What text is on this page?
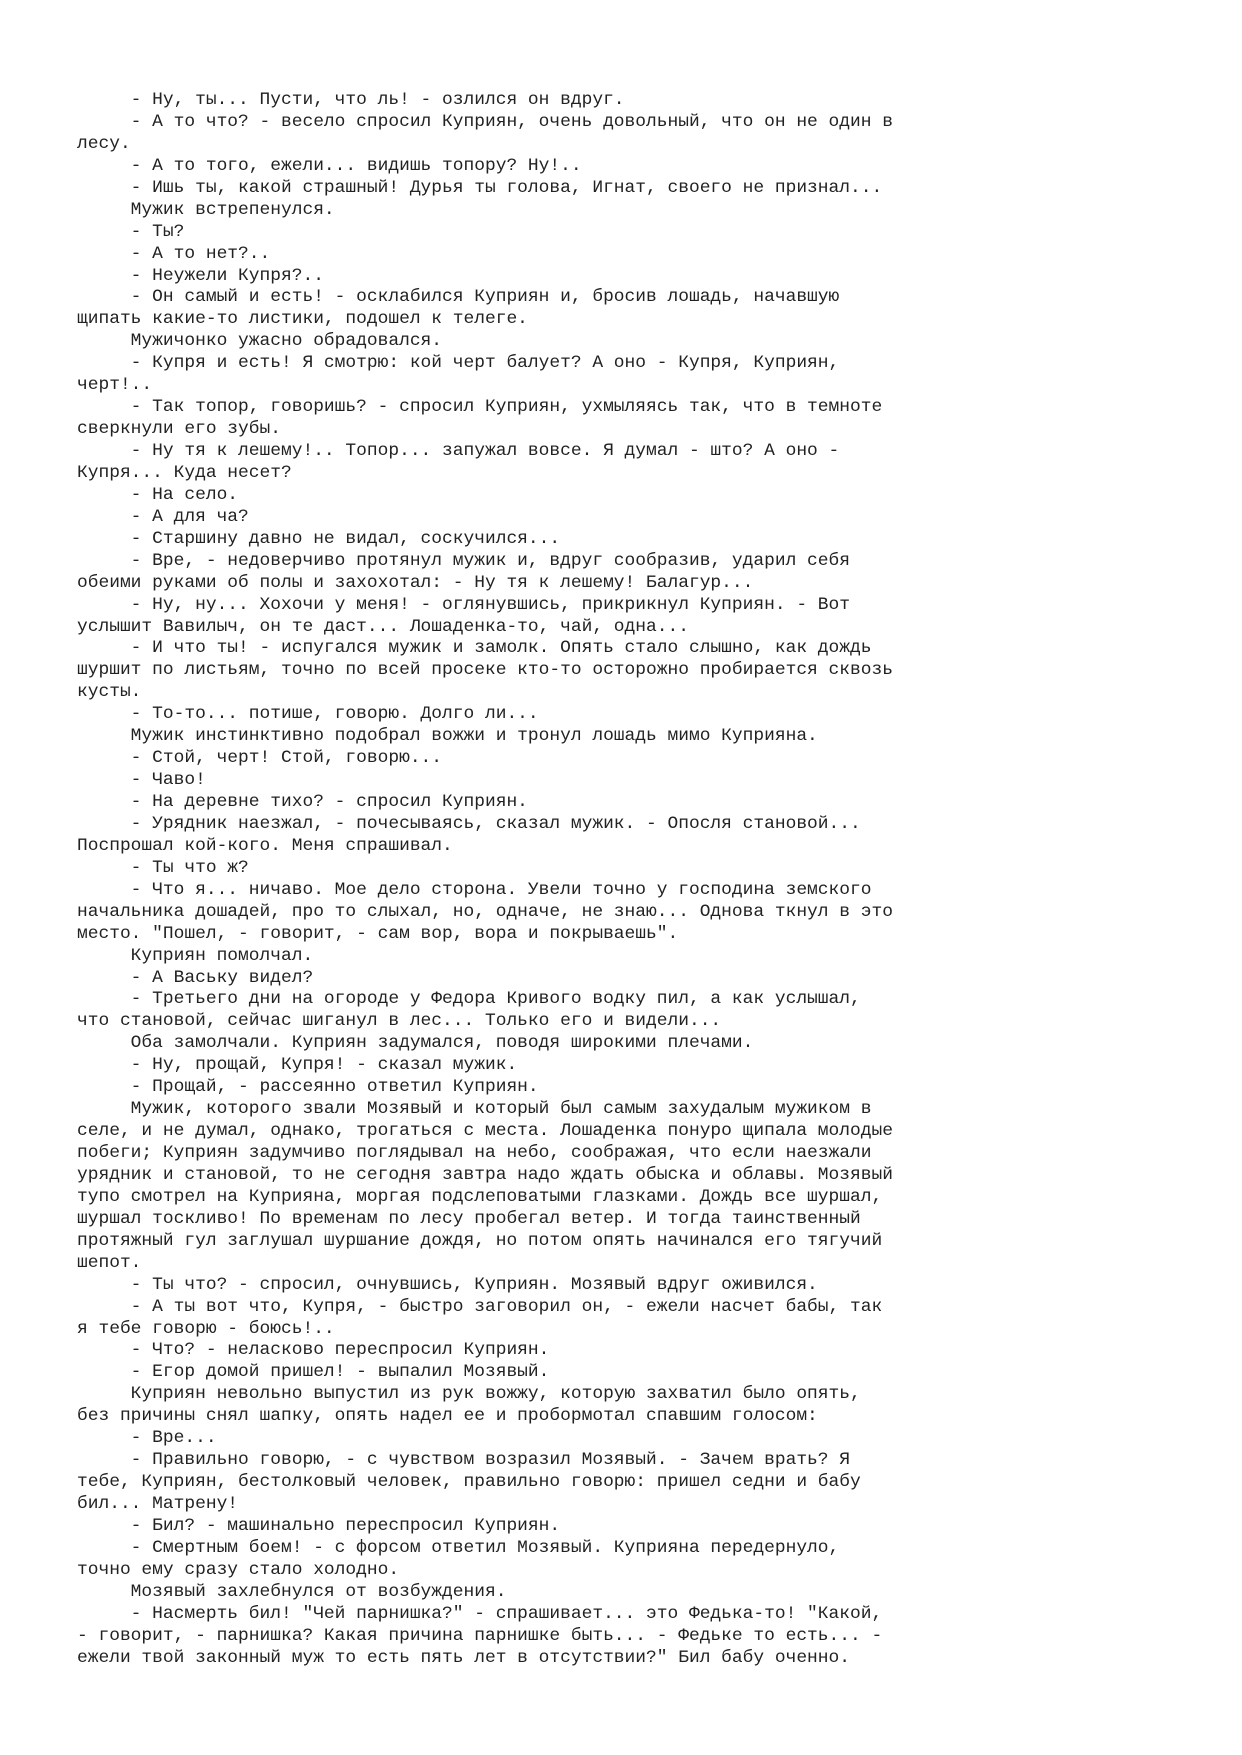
- Ну, ты... Пусти, что ль! - озлился он вдруг.
- А то что? - весело спросил Куприян, очень довольный, что он не один в
лесу.
- А то того, ежели... видишь топору? Ну!..
- Ишь ты, какой страшный! Дурья ты голова, Игнат, своего не признал...
Мужик встрепенулся.
- Ты?
- А то нет?..
- Неужели Купря?..
- Он самый и есть! - осклабился Куприян и, бросив лошадь, начавшую
щипать какие-то листики, подошел к телеге.
Мужичонко ужасно обрадовался.
- Купря и есть! Я смотрю: кой черт балует? А оно - Купря, Куприян,
черт!..
- Так топор, говоришь? - спросил Куприян, ухмыляясь так, что в темноте
сверкнули его зубы.
- Ну тя к лешему!.. Топор... запужал вовсе. Я думал - што? А оно -
Купря... Куда несет?
- На село.
- А для ча?
- Старшину давно не видал, соскучился...
- Вре, - недоверчиво протянул мужик и, вдруг сообразив, ударил себя
обеими руками об полы и захохотал: - Ну тя к лешему! Балагур...
- Ну, ну... Хохочи у меня! - оглянувшись, прикрикнул Куприян. - Вот
услышит Вавилыч, он те даст... Лошаденка-то, чай, одна...
- И что ты! - испугался мужик и замолк. Опять стало слышно, как дождь
шуршит по листьям, точно по всей просеке кто-то осторожно пробирается сквозь
кусты.
- То-то... потише, говорю. Долго ли...
Мужик инстинктивно подобрал вожжи и тронул лошадь мимо Куприяна.
- Стой, черт! Стой, говорю...
- Чаво!
- На деревне тихо? - спросил Куприян.
- Урядник наезжал, - почесываясь, сказал мужик. - Опосля становой...
Поспрошал кой-кого. Меня спрашивал.
- Ты что ж?
- Что я... ничаво. Мое дело сторона. Увели точно у господина земского
начальника дошадей, про то слыхал, но, одначе, не знаю... Однова ткнул в это
место. "Пошел, - говорит, - сам вор, вора и покрываешь".
Куприян помолчал.
- А Ваську видел?
- Третьего дни на огороде у Федора Кривого водку пил, а как услышал,
что становой, сейчас шиганул в лес... Только его и видели...
Оба замолчали. Куприян задумался, поводя широкими плечами.
- Ну, прощай, Купря! - сказал мужик.
- Прощай, - рассеянно ответил Куприян.
Мужик, которого звали Мозявый и который был самым захудалым мужиком в
селе, и не думал, однако, трогаться с места. Лошаденка понуро щипала молодые
побеги; Куприян задумчиво поглядывал на небо, соображая, что если наезжали
урядник и становой, то не сегодня завтра надо ждать обыска и облавы. Мозявый
тупо смотрел на Куприяна, моргая подслеповатыми глазками. Дождь все шуршал,
шуршал тоскливо! По временам по лесу пробегал ветер. И тогда таинственный
протяжный гул заглушал шуршание дождя, но потом опять начинался его тягучий
шепот.
- Ты что? - спросил, очнувшись, Куприян. Мозявый вдруг оживился.
- А ты вот что, Купря, - быстро заговорил он, - ежели насчет бабы, так
я тебе говорю - боюсь!..
- Что? - неласково переспросил Куприян.
- Егор домой пришел! - выпалил Мозявый.
Куприян невольно выпустил из рук вожжу, которую захватил было опять,
без причины снял шапку, опять надел ее и пробормотал спавшим голосом:
- Вре...
- Правильно говорю, - с чувством возразил Мозявый. - Зачем врать? Я
тебе, Куприян, бестолковый человек, правильно говорю: пришел седни и бабу
бил... Матрену!
- Бил? - машинально переспросил Куприян.
- Смертным боем! - с форсом ответил Мозявый. Куприяна передернуло,
точно ему сразу стало холодно.
Мозявый захлебнулся от возбуждения.
- Насмерть бил! "Чей парнишка?" - спрашивает... это Федька-то! "Какой,
- говорит, - парнишка? Какая причина парнишке быть... - Федьке то есть... -
ежели твой законный муж то есть пять лет в отсутствии?" Бил бабу оченно.
